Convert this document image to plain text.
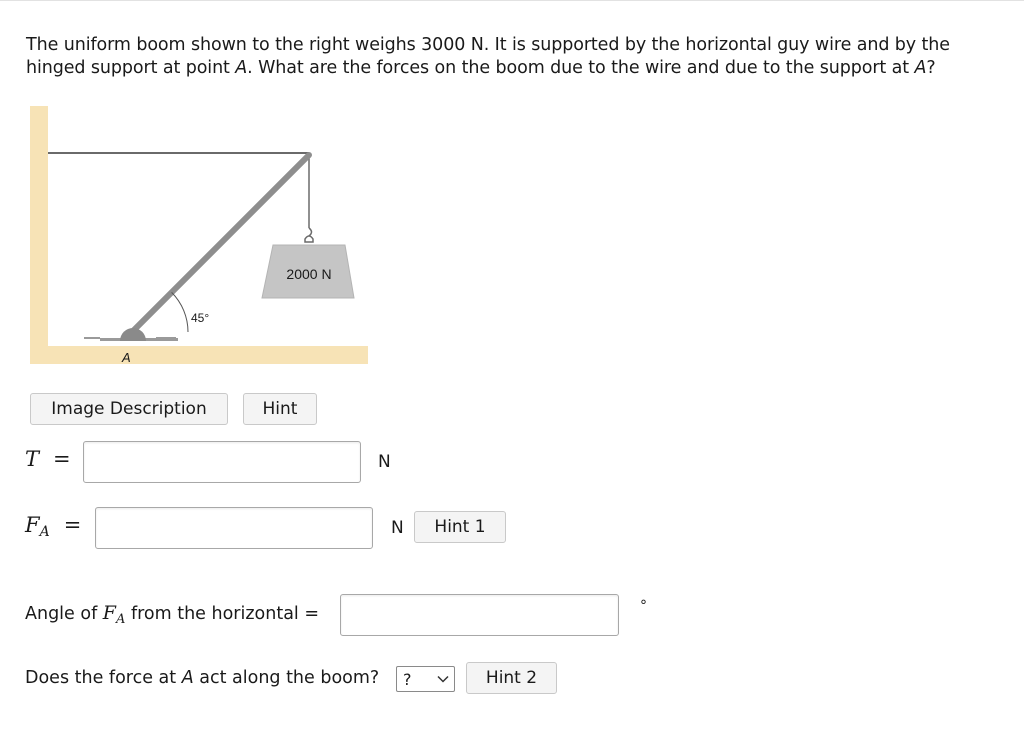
The uniform boom shown to the right weighs 3000 N. It is supported by the horizontal guy wire and by the hinged support at point A. What are the forces on the boom due to the wire and due to the support at A?

2000 N
45°
A
Image Description	Hint
T =	N
$F_A$ =	N	Hint 1
Angle of $F_A$ from the horizontal =	°
Does the force at A act along the boom? ?	Hint 2
